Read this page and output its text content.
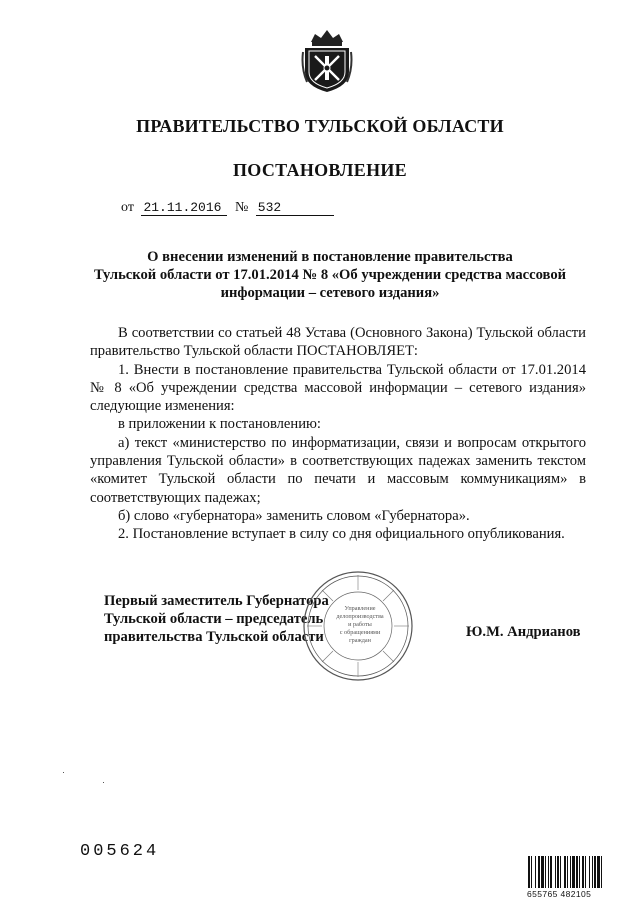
ПРАВИТЕЛЬСТВО ТУЛЬСКОЙ ОБЛАСТИ
ПОСТАНОВЛЕНИЕ
от 21.11.2016 № 532
О внесении изменений в постановление правительства
Тульской области от 17.01.2014 № 8 «Об учреждении средства массовой
информации – сетевого издания»

В соответствии со статьей 48 Устава (Основного Закона) Тульской области правительство Тульской области ПОСТАНОВЛЯЕТ:

1. Внести в постановление правительства Тульской области от 17.01.2014 № 8 «Об учреждении средства массовой информации – сетевого издания» следующие изменения:

в приложении к постановлению:

а) текст «министерство по информатизации, связи и вопросам открытого управления Тульской области» в соответствующих падежах заменить текстом «комитет Тульской области по печати и массовым коммуникациям» в соответствующих падежах;

б) слово «губернатора» заменить словом «Губернатора».

2. Постановление вступает в силу со дня официального опубликования.

Первый заместитель Губернатора
Тульской области – председатель
правительства Тульской области
Управление
делопроизводства
и работы
с обращениями
граждан
Ю.М. Андрианов
005624
655765 482105
